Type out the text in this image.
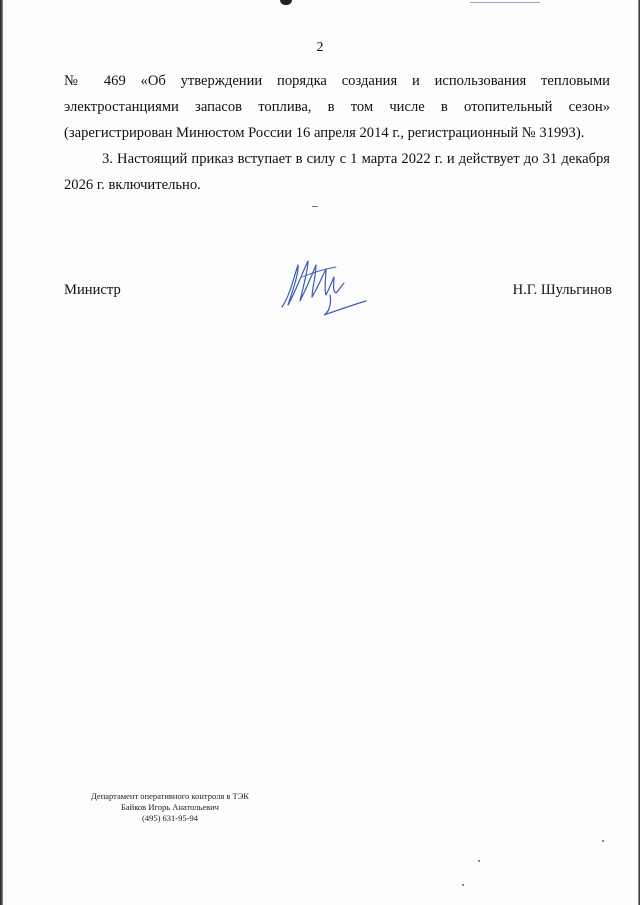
2

№ 469 «Об утверждении порядка создания и использования тепловыми электростанциями запасов топлива, в том числе в отопительный сезон» (зарегистрирован Минюстом России 16 апреля 2014 г., регистрационный № 31993).

3. Настоящий приказ вступает в силу с 1 марта 2022 г. и действует до 31 декабря 2026 г. включительно.

Министр	Н.Г. Шульгинов
Департамент оперативного контроля в ТЭК
Байков Игорь Анатольевич
(495) 631-95-94
